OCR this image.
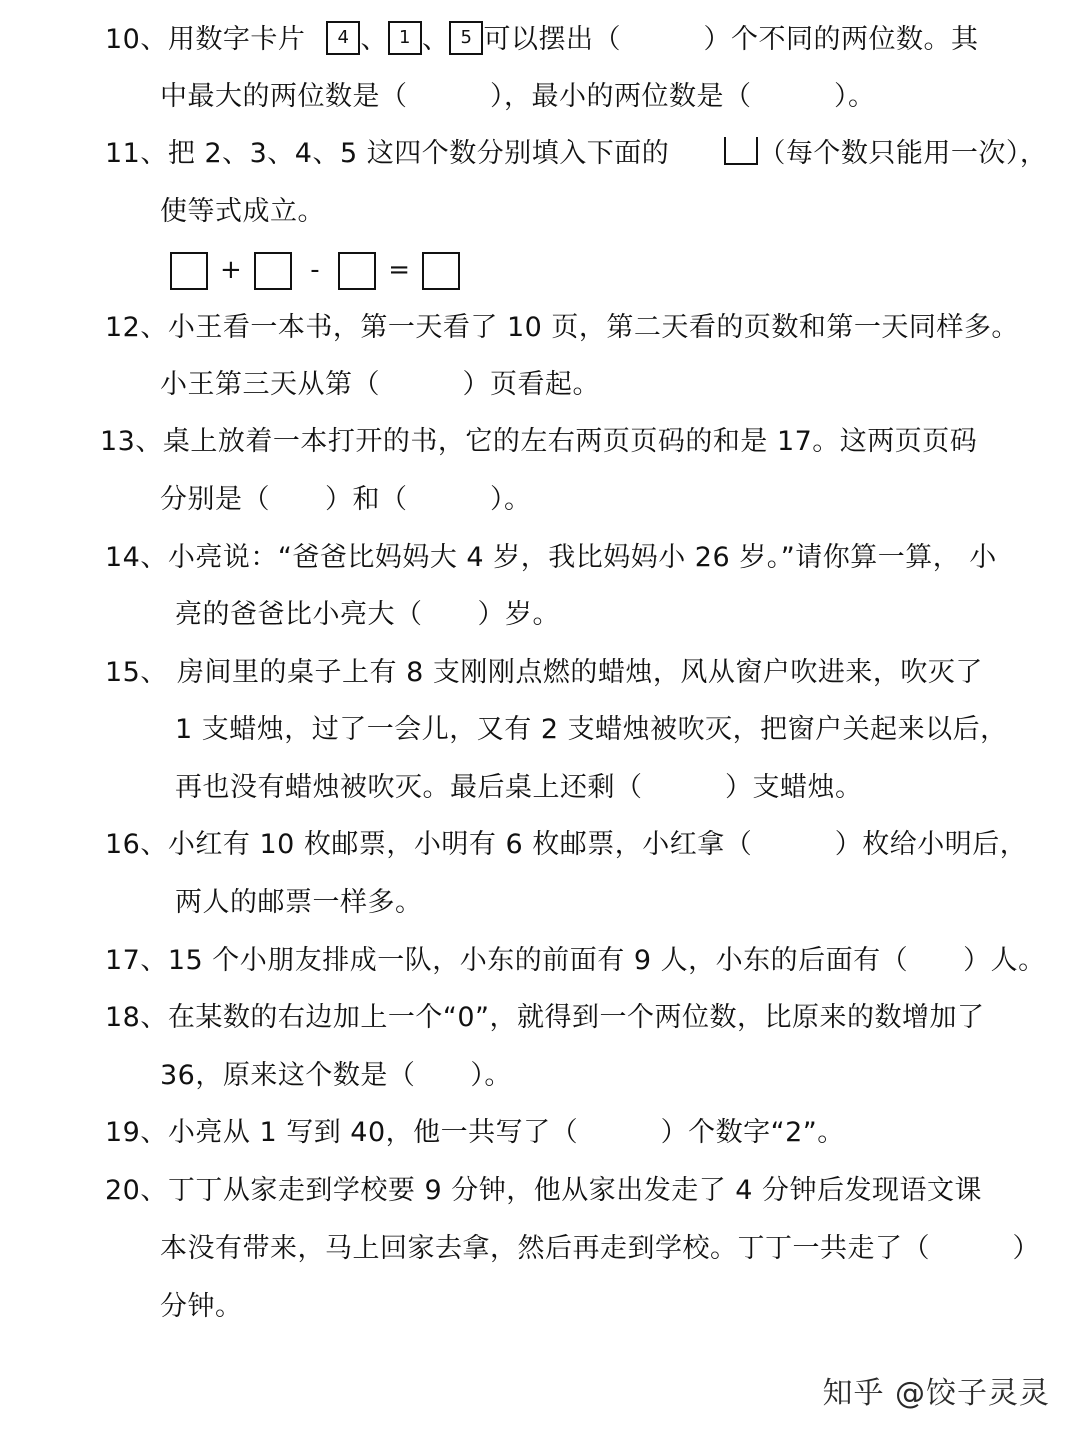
10、用数字卡片 4 、 1 、 5 可以摆出（　　　）个不同的两位数。其
中最大的两位数是（　　　），最小的两位数是（　　　）。
11、把 2、3、4、5 这四个数分别填入下面的	（每个数只能用一次），
使等式成立。
+	-	=
12、小王看一本书，第一天看了 10 页，第二天看的页数和第一天同样多。
小王第三天从第（　　　）页看起。
13、桌上放着一本打开的书，它的左右两页页码的和是 17。这两页页码
分别是（　　）和（　　　）。
14、小亮说：“爸爸比妈妈大 4 岁，我比妈妈小 26 岁。”请你算一算， 小
亮的爸爸比小亮大（　　）岁。
15、 房间里的桌子上有 8 支刚刚点燃的蜡烛，风从窗户吹进来，吹灭了
1 支蜡烛，过了一会儿，又有 2 支蜡烛被吹灭，把窗户关起来以后，
再也没有蜡烛被吹灭。最后桌上还剩（　　　）支蜡烛。
16、小红有 10 枚邮票，小明有 6 枚邮票，小红拿（　　　）枚给小明后，
两人的邮票一样多。
17、15 个小朋友排成一队，小东的前面有 9 人，小东的后面有（　　）人。
18、在某数的右边加上一个“0”，就得到一个两位数，比原来的数增加了
36，原来这个数是（　　）。
19、小亮从 1 写到 40，他一共写了（　　　）个数字“2”。
20、丁丁从家走到学校要 9 分钟，他从家出发走了 4 分钟后发现语文课
本没有带来，马上回家去拿，然后再走到学校。丁丁一共走了（　　　）
分钟。
知乎 @饺子灵灵
